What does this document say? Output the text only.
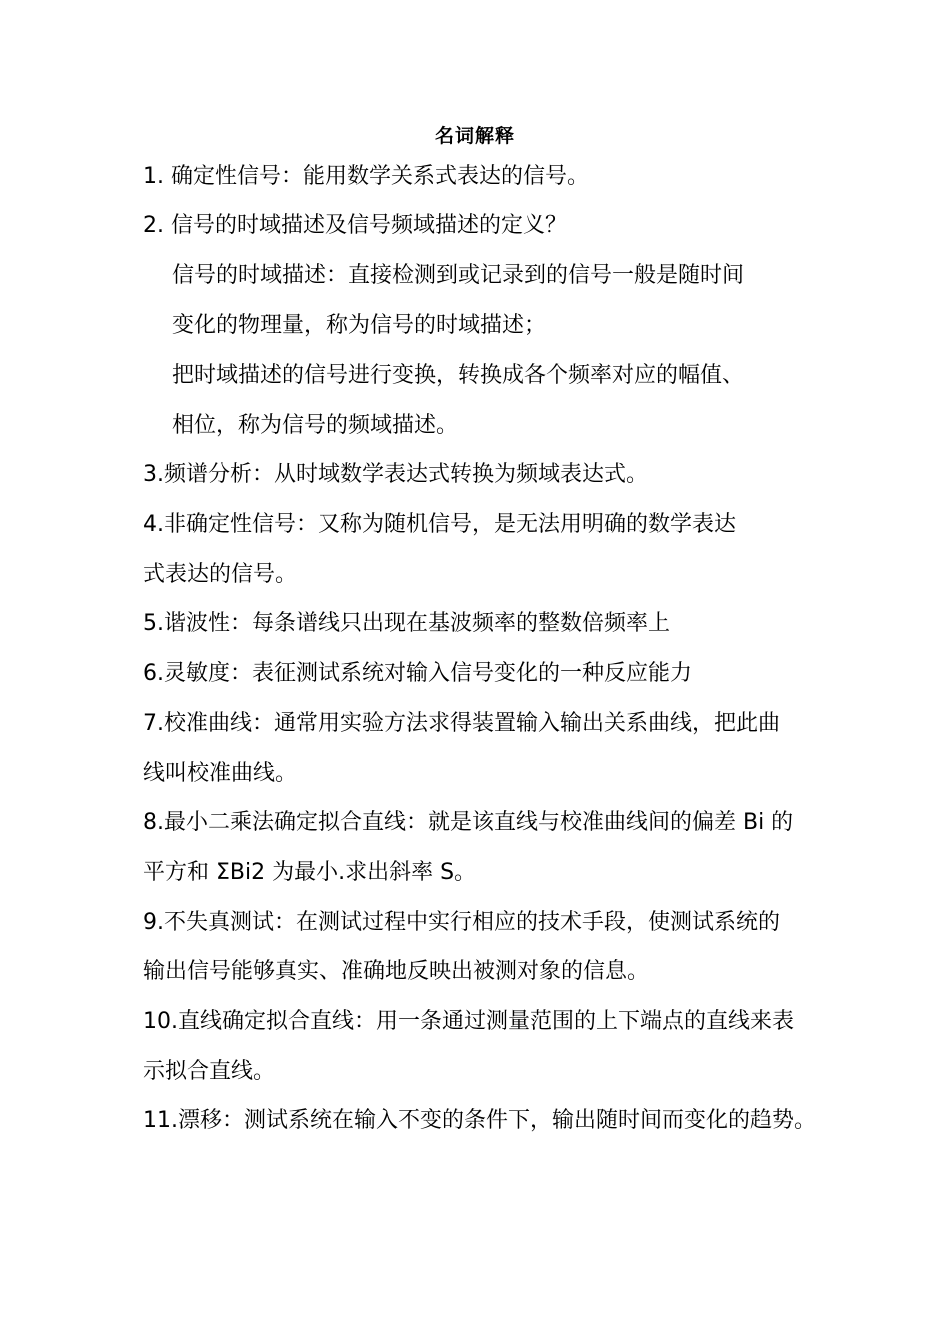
名词解释
1. 确定性信号：能用数学关系式表达的信号。
2. 信号的时域描述及信号频域描述的定义？
信号的时域描述：直接检测到或记录到的信号一般是随时间
变化的物理量，称为信号的时域描述；
把时域描述的信号进行变换，转换成各个频率对应的幅值、
相位，称为信号的频域描述。
3.频谱分析：从时域数学表达式转换为频域表达式。
4.非确定性信号：又称为随机信号，是无法用明确的数学表达
式表达的信号。
5.谐波性：每条谱线只出现在基波频率的整数倍频率上
6.灵敏度：表征测试系统对输入信号变化的一种反应能力
7.校准曲线：通常用实验方法求得装置输入输出关系曲线，把此曲
线叫校准曲线。
8.最小二乘法确定拟合直线：就是该直线与校准曲线间的偏差 Bi 的
平方和 ΣBi2 为最小.求出斜率 S。
9.不失真测试：在测试过程中实行相应的技术手段，使测试系统的
输出信号能够真实、准确地反映出被测对象的信息。
10.直线确定拟合直线：用一条通过测量范围的上下端点的直线来表
示拟合直线。
11.漂移：测试系统在输入不变的条件下，输出随时间而变化的趋势。
